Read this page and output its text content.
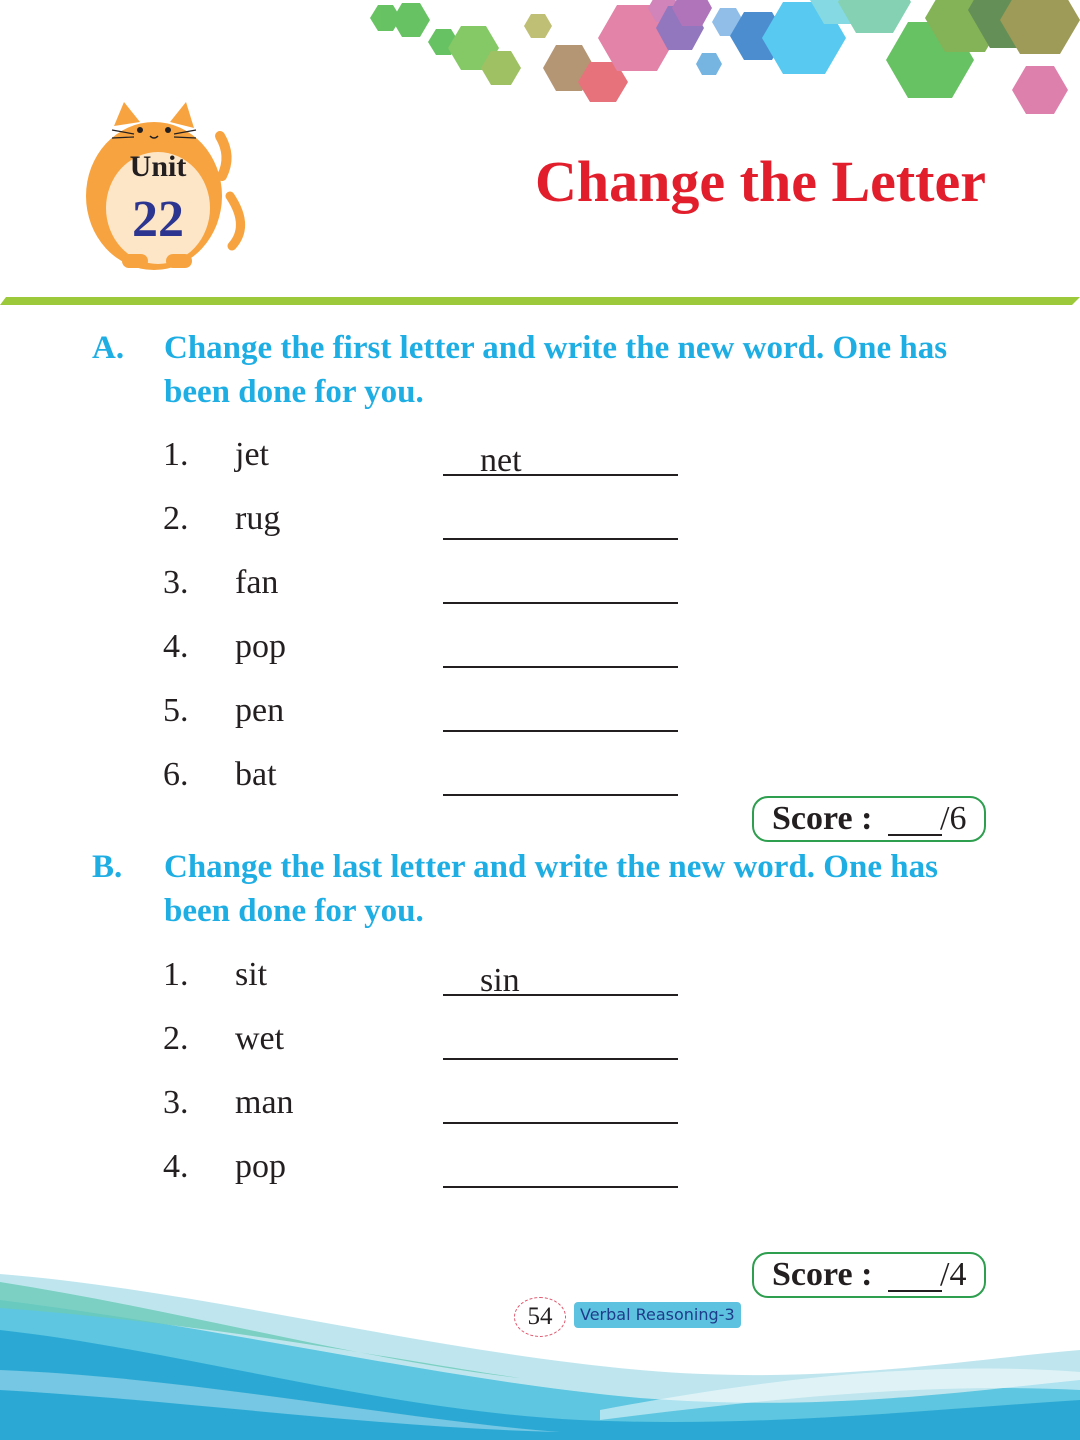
Unit
22
Change the Letter
A. Change the first letter and write the new word. One has been done for you.
1. jet	net
2. rug
3. fan
4. pop
5. pen
6. bat
Score : /6
B. Change the last letter and write the new word. One has been done for you.
1. sit	sin
2. wet
3. man
4. pop
Score : /4
54	Verbal Reasoning-3
